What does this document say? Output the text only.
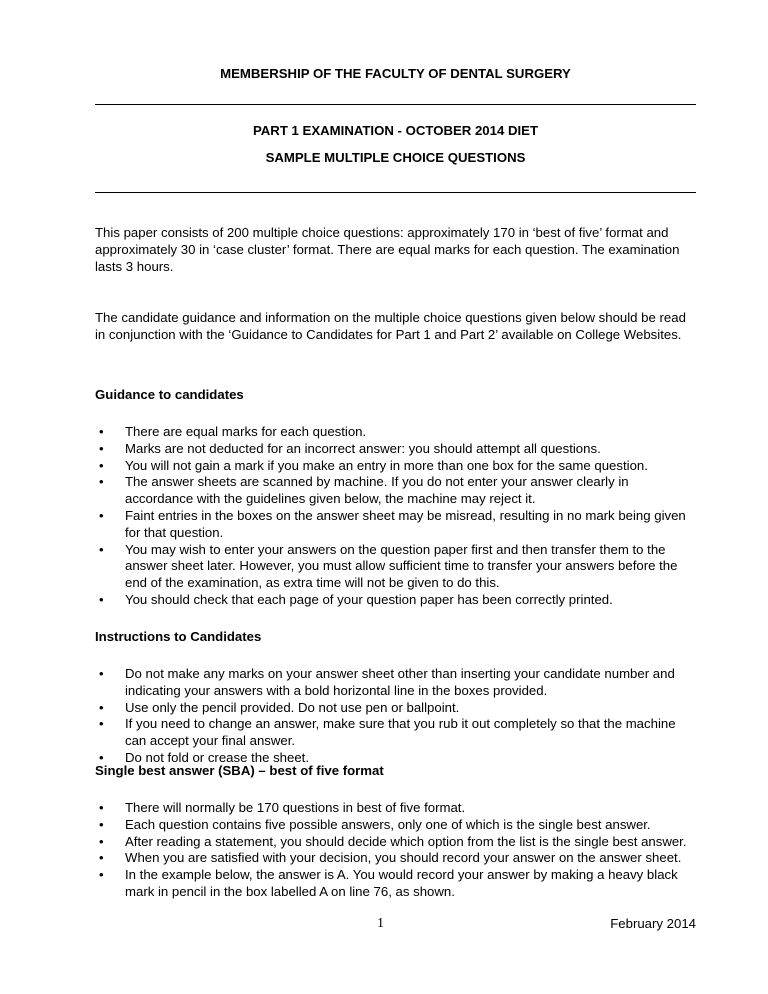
MEMBERSHIP OF THE FACULTY OF DENTAL SURGERY
PART 1 EXAMINATION - OCTOBER 2014 DIET
SAMPLE MULTIPLE CHOICE QUESTIONS
This paper consists of 200 multiple choice questions: approximately 170 in ‘best of five’ format and approximately 30 in ‘case cluster’ format. There are equal marks for each question. The examination lasts 3 hours.
The candidate guidance and information on the multiple choice questions given below should be read in conjunction with the ‘Guidance to Candidates for Part 1 and Part 2’ available on College Websites.
Guidance to candidates
• There are equal marks for each question.
• Marks are not deducted for an incorrect answer: you should attempt all questions.
• You will not gain a mark if you make an entry in more than one box for the same question.
• The answer sheets are scanned by machine. If you do not enter your answer clearly in accordance with the guidelines given below, the machine may reject it.
• Faint entries in the boxes on the answer sheet may be misread, resulting in no mark being given for that question.
• You may wish to enter your answers on the question paper first and then transfer them to the answer sheet later. However, you must allow sufficient time to transfer your answers before the end of the examination, as extra time will not be given to do this.
• You should check that each page of your question paper has been correctly printed.
Instructions to Candidates
• Do not make any marks on your answer sheet other than inserting your candidate number and indicating your answers with a bold horizontal line in the boxes provided.
• Use only the pencil provided. Do not use pen or ballpoint.
• If you need to change an answer, make sure that you rub it out completely so that the machine can accept your final answer.
• Do not fold or crease the sheet.
Single best answer (SBA) – best of five format
• There will normally be 170 questions in best of five format.
• Each question contains five possible answers, only one of which is the single best answer.
• After reading a statement, you should decide which option from the list is the single best answer.
• When you are satisfied with your decision, you should record your answer on the answer sheet.
• In the example below, the answer is A. You would record your answer by making a heavy black mark in pencil in the box labelled A on line 76, as shown.
1	February 2014
